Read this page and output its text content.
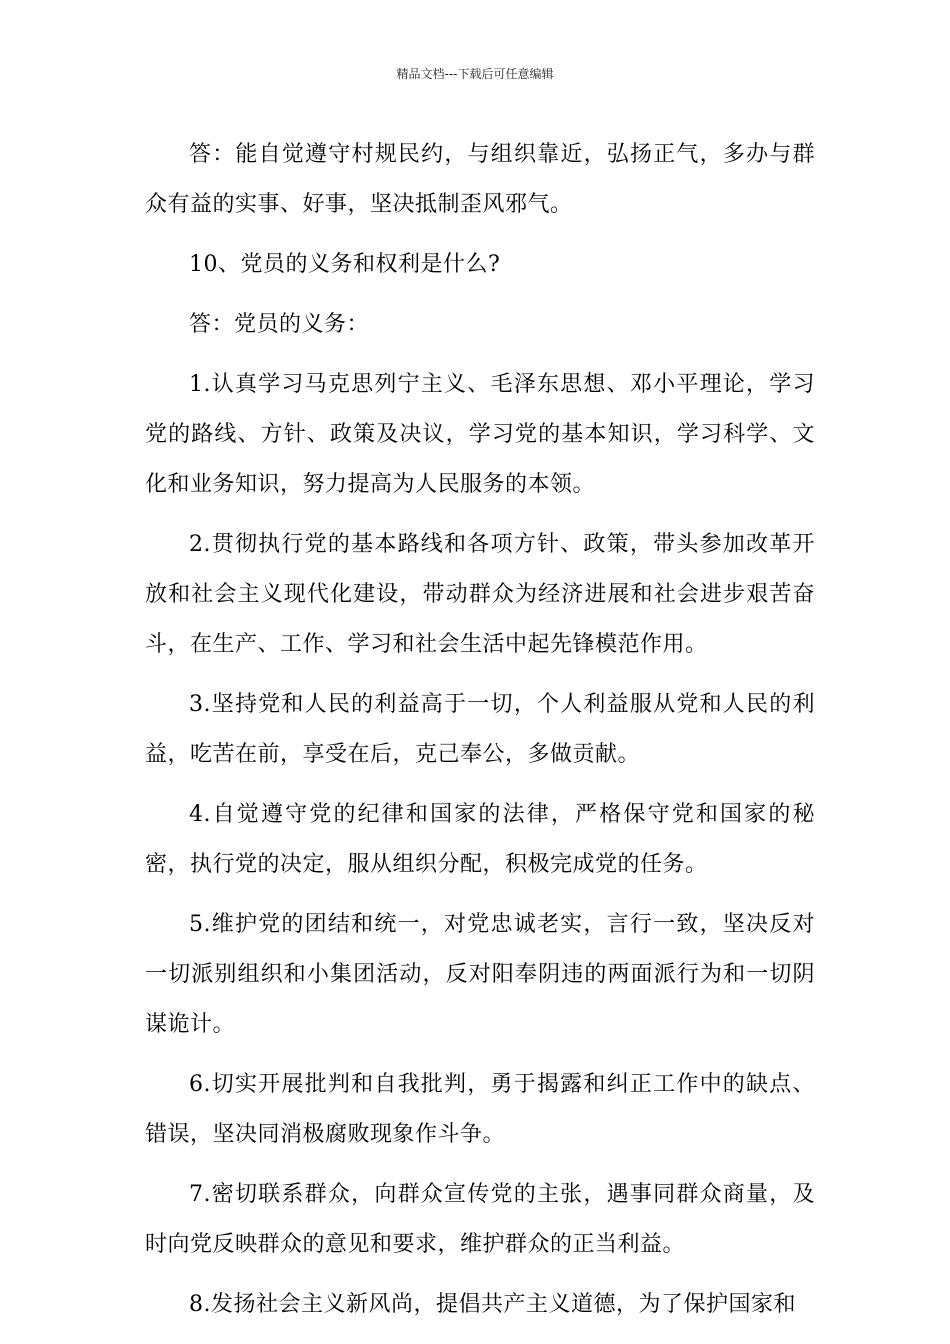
精品文档---下载后可任意编辑

答：能自觉遵守村规民约，与组织靠近，弘扬正气，多办与群众有益的实事、好事，坚决抵制歪风邪气。

10、党员的义务和权利是什么?

答：党员的义务：

1.认真学习马克思列宁主义、毛泽东思想、邓小平理论，学习党的路线、方针、政策及决议，学习党的基本知识，学习科学、文化和业务知识，努力提高为人民服务的本领。

2.贯彻执行党的基本路线和各项方针、政策，带头参加改革开放和社会主义现代化建设，带动群众为经济进展和社会进步艰苦奋斗，在生产、工作、学习和社会生活中起先锋模范作用。

3.坚持党和人民的利益高于一切，个人利益服从党和人民的利益，吃苦在前，享受在后，克己奉公，多做贡献。

4.自觉遵守党的纪律和国家的法律，严格保守党和国家的秘密，执行党的决定，服从组织分配，积极完成党的任务。

5.维护党的团结和统一，对党忠诚老实，言行一致，坚决反对一切派别组织和小集团活动，反对阳奉阴违的两面派行为和一切阴谋诡计。

6.切实开展批判和自我批判，勇于揭露和纠正工作中的缺点、错误，坚决同消极腐败现象作斗争。

7.密切联系群众，向群众宣传党的主张，遇事同群众商量，及时向党反映群众的意见和要求，维护群众的正当利益。

8.发扬社会主义新风尚，提倡共产主义道德，为了保护国家和
